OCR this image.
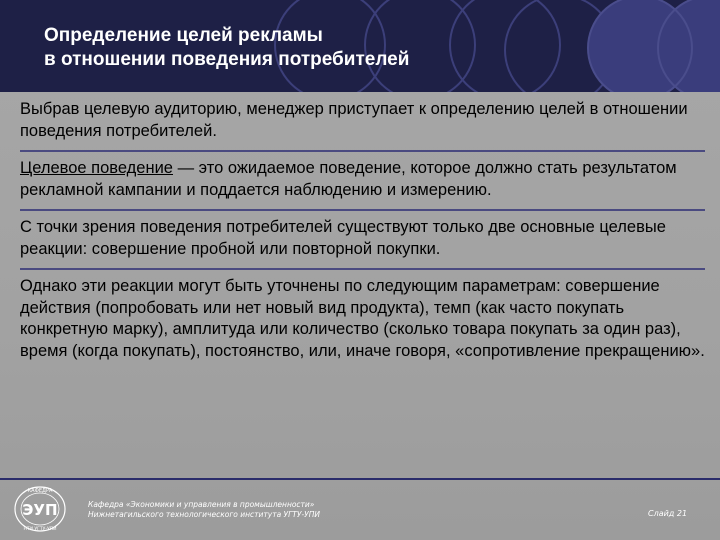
Определение целей рекламы
в отношении поведения потребителей

Выбрав целевую аудиторию, менеджер приступает к определению целей в отношении поведения потребителей.

Целевое поведение — это ожидаемое поведение, которое должно стать результатом рекламной кампании и поддается наблюдению и измерению.

С точки зрения поведения потребителей существуют только две основные целевые реакции: совершение пробной или повторной покупки.

Однако эти реакции могут быть уточнены по следующим параметрам: совершение действия (попробовать или нет новый вид продукта), темп (как часто покупать конкретную марку), амплитуда или количество (сколько товара покупать за один раз), время (когда покупать), постоянство, или, иначе говоря, «сопротивление прекращению».

КАФЕДРА
ЭУП
НТИ УГТУ-УПИ
Кафедра «Экономики и управления в промышленности»
Нижнетагильского технологического института УГТУ-УПИ	Слайд 21
